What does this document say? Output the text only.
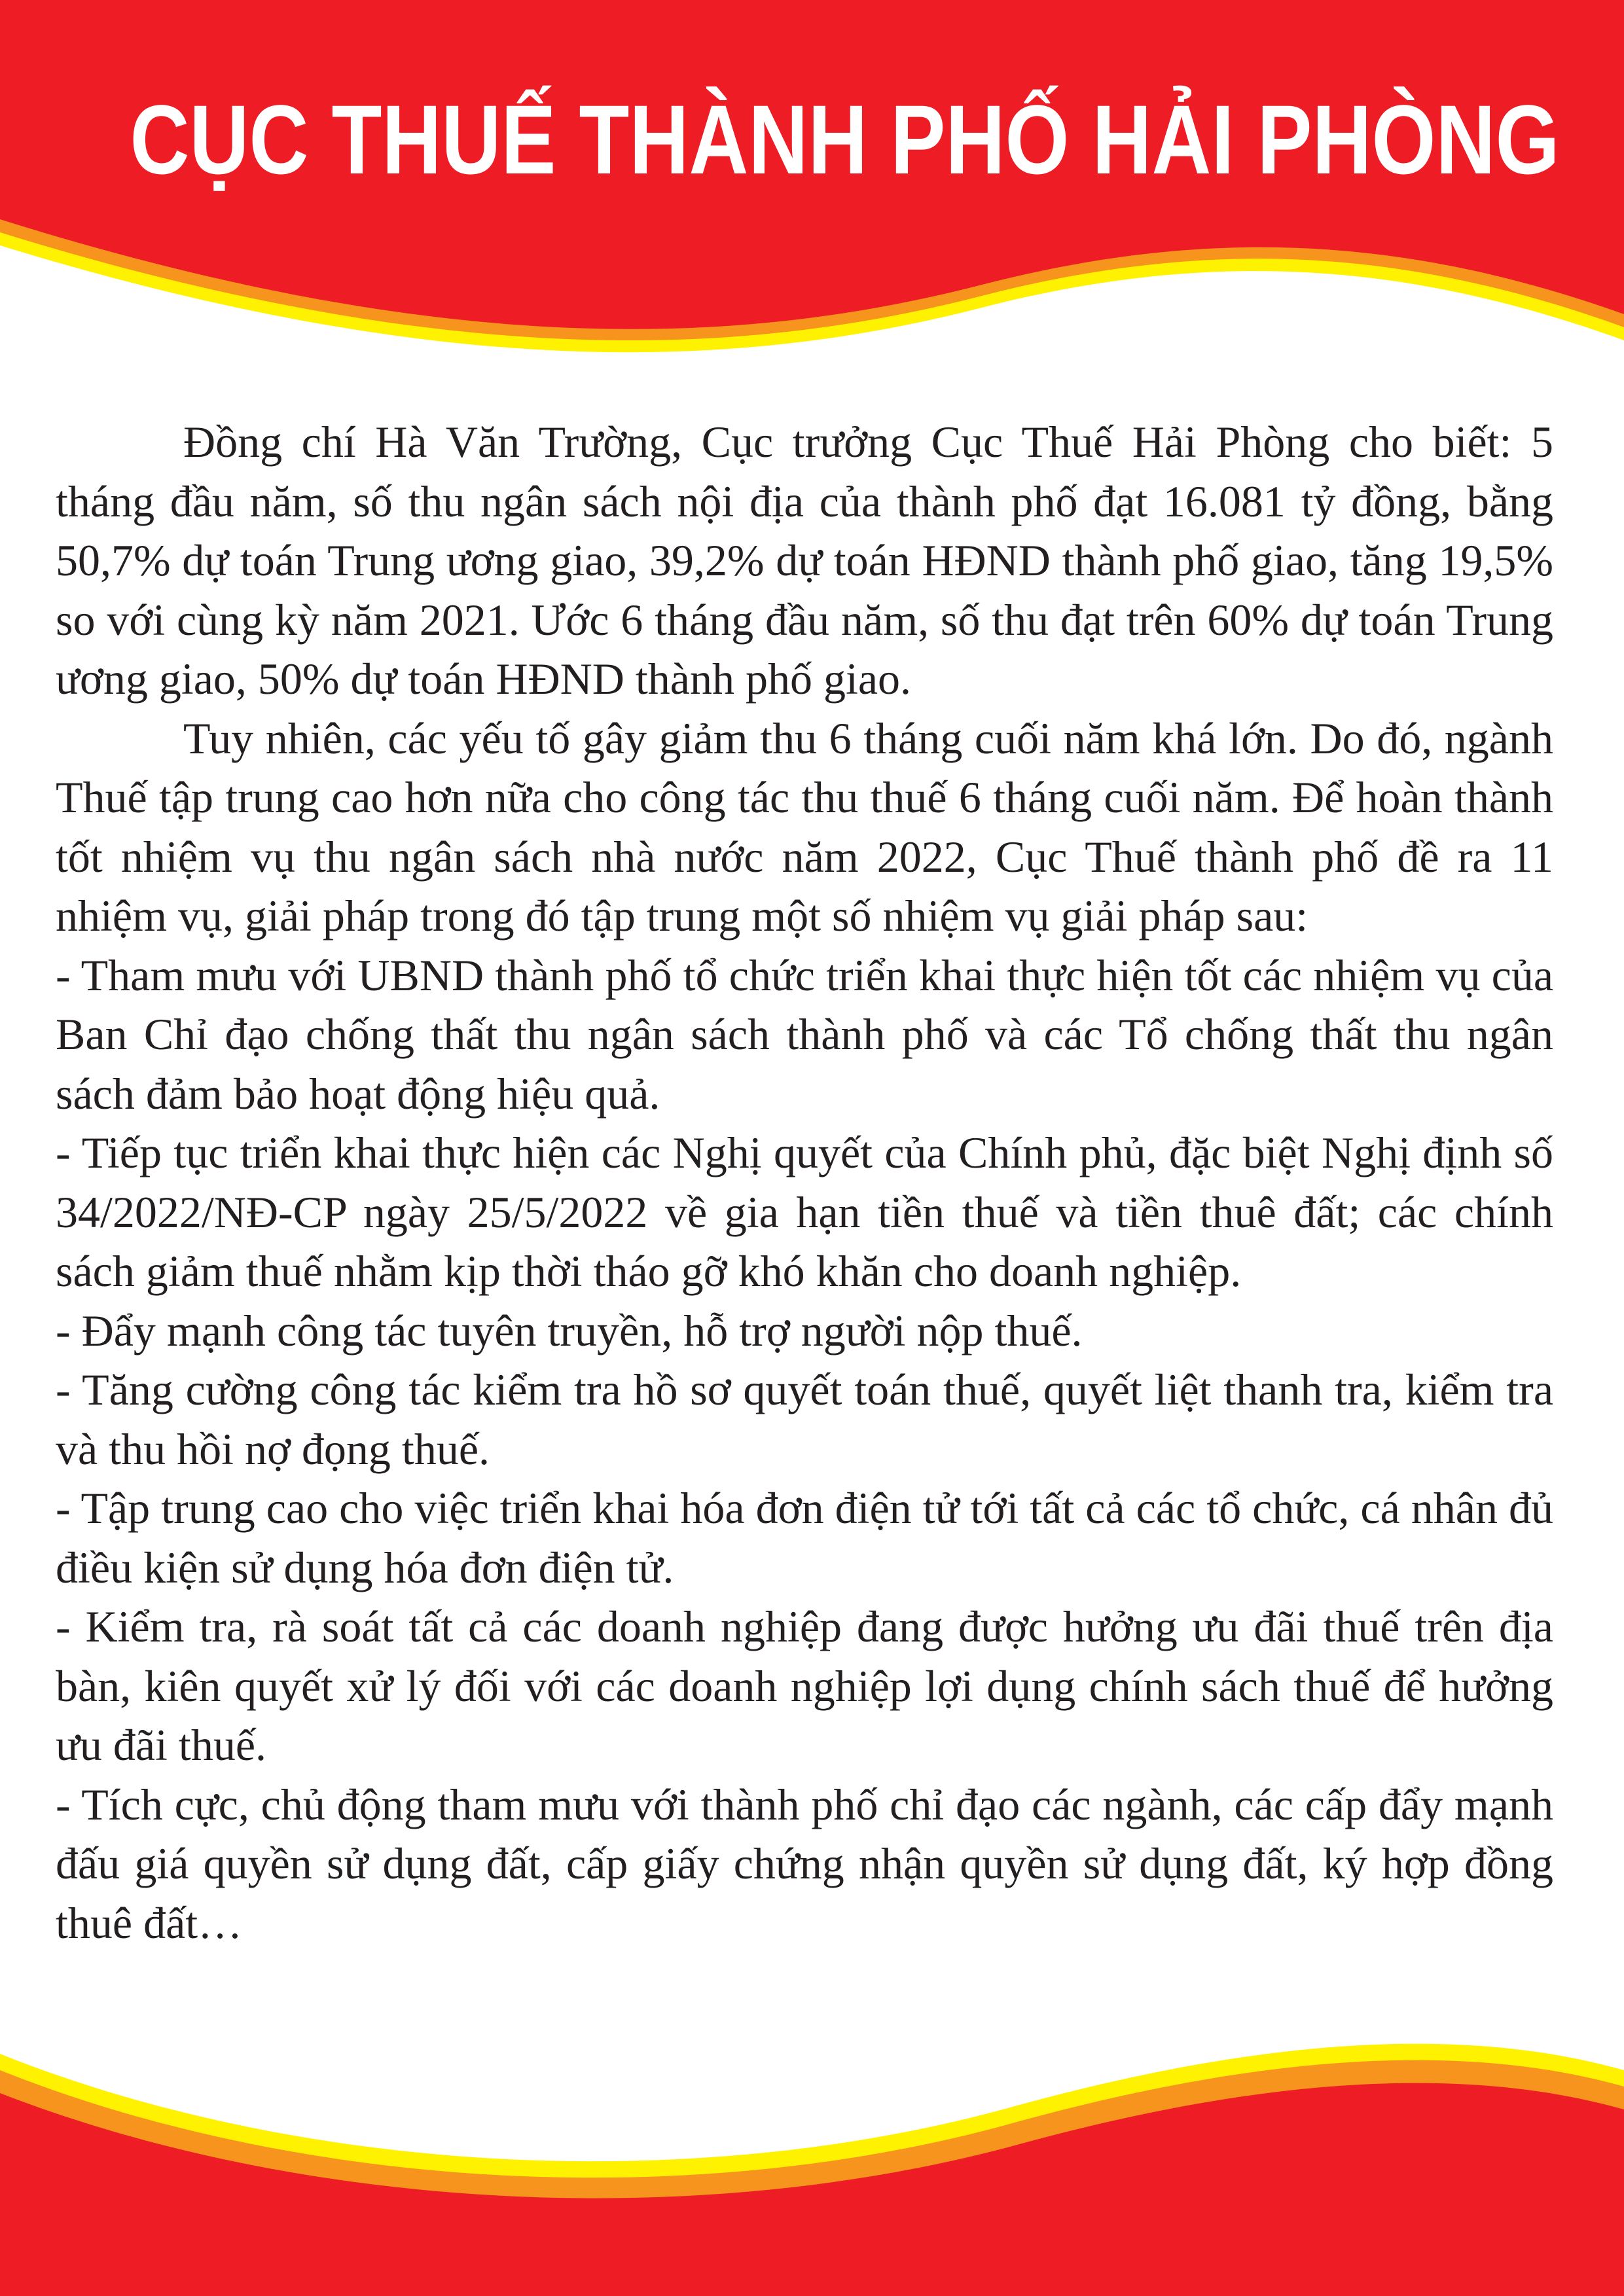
CỤC THUẾ THÀNH PHỐ HẢI PHÒNG

Đồng chí Hà Văn Trường, Cục trưởng Cục Thuế Hải Phòng cho biết: 5 tháng đầu năm, số thu ngân sách nội địa của thành phố đạt 16.081 tỷ đồng, bằng 50,7% dự toán Trung ương giao, 39,2% dự toán HĐND thành phố giao, tăng 19,5% so với cùng kỳ năm 2021. Ước 6 tháng đầu năm, số thu đạt trên 60% dự toán Trung ương giao, 50% dự toán HĐND thành phố giao.

Tuy nhiên, các yếu tố gây giảm thu 6 tháng cuối năm khá lớn. Do đó, ngành Thuế tập trung cao hơn nữa cho công tác thu thuế 6 tháng cuối năm. Để hoàn thành tốt nhiệm vụ thu ngân sách nhà nước năm 2022, Cục Thuế thành phố đề ra 11 nhiệm vụ, giải pháp trong đó tập trung một số nhiệm vụ giải pháp sau:

- Tham mưu với UBND thành phố tổ chức triển khai thực hiện tốt các nhiệm vụ của Ban Chỉ đạo chống thất thu ngân sách thành phố và các Tổ chống thất thu ngân sách đảm bảo hoạt động hiệu quả.

- Tiếp tục triển khai thực hiện các Nghị quyết của Chính phủ, đặc biệt Nghị định số 34/2022/NĐ-CP ngày 25/5/2022 về gia hạn tiền thuế và tiền thuê đất; các chính sách giảm thuế nhằm kịp thời tháo gỡ khó khăn cho doanh nghiệp.

- Đẩy mạnh công tác tuyên truyền, hỗ trợ người nộp thuế.

- Tăng cường công tác kiểm tra hồ sơ quyết toán thuế, quyết liệt thanh tra, kiểm tra và thu hồi nợ đọng thuế.

- Tập trung cao cho việc triển khai hóa đơn điện tử tới tất cả các tổ chức, cá nhân đủ điều kiện sử dụng hóa đơn điện tử.

- Kiểm tra, rà soát tất cả các doanh nghiệp đang được hưởng ưu đãi thuế trên địa bàn, kiên quyết xử lý đối với các doanh nghiệp lợi dụng chính sách thuế để hưởng ưu đãi thuế.

- Tích cực, chủ động tham mưu với thành phố chỉ đạo các ngành, các cấp đẩy mạnh đấu giá quyền sử dụng đất, cấp giấy chứng nhận quyền sử dụng đất, ký hợp đồng thuê đất…
